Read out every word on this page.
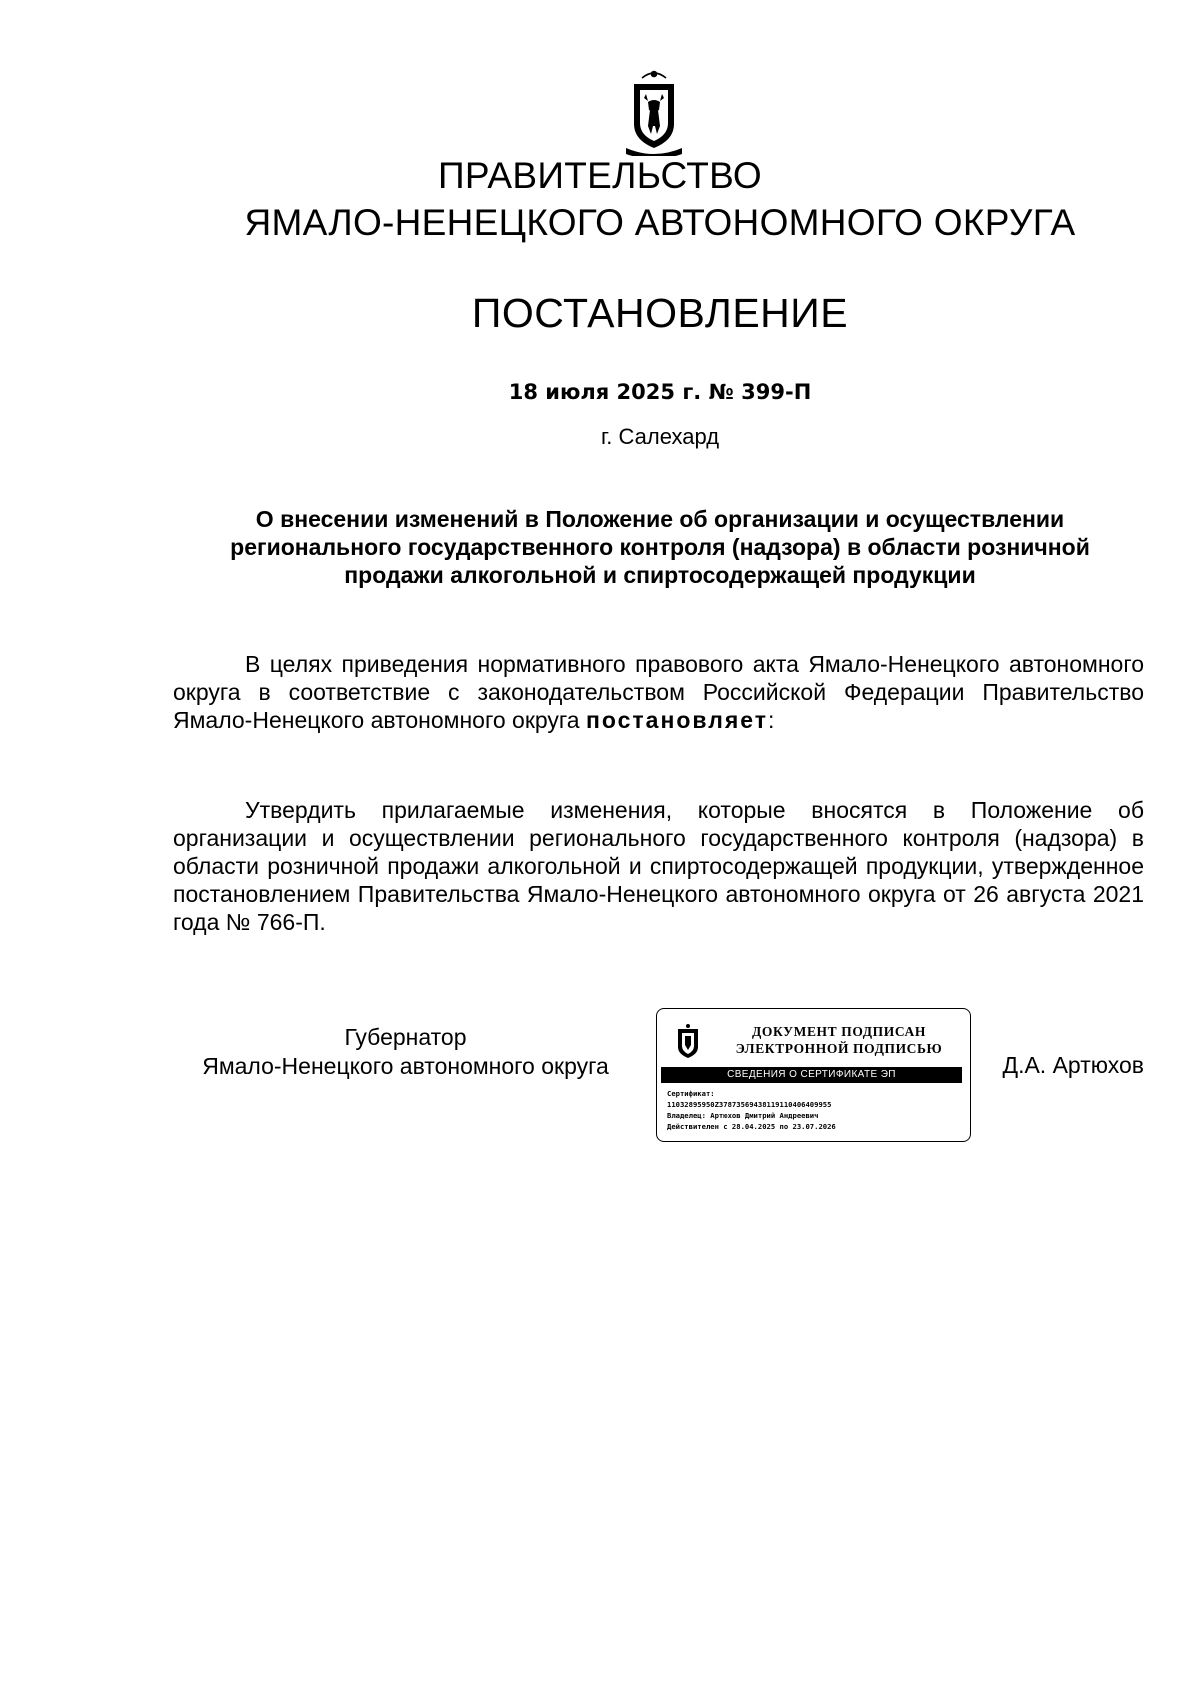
ПРАВИТЕЛЬСТВО
ЯМАЛО-НЕНЕЦКОГО АВТОНОМНОГО ОКРУГА
ПОСТАНОВЛЕНИЕ
18 июля 2025 г. № 399-П
г. Салехард
О внесении изменений в Положение об организации и осуществлении регионального государственного контроля (надзора) в области розничной продажи алкогольной и спиртосодержащей продукции
В целях приведения нормативного правового акта Ямало-Ненецкого автономного округа в соответствие с законодательством Российской Федерации Правительство Ямало-Ненецкого автономного округа постановляет:
Утвердить прилагаемые изменения, которые вносятся в Положение об организации и осуществлении регионального государственного контроля (надзора) в области розничной продажи алкогольной и спиртосодержащей продукции, утвержденное постановлением Правительства Ямало-Ненецкого автономного округа от 26 августа 2021 года № 766-П.
Губернатор
Ямало-Ненецкого автономного округа
ДОКУМЕНТ ПОДПИСАН
ЭЛЕКТРОННОЙ ПОДПИСЬЮ
СВЕДЕНИЯ О СЕРТИФИКАТЕ ЭП
Сертификат:
11032895950Z37873569438119110406409955
Владелец: Артюхов Дмитрий Андреевич
Действителен с 28.04.2025 по 23.07.2026
Д.А. Артюхов
